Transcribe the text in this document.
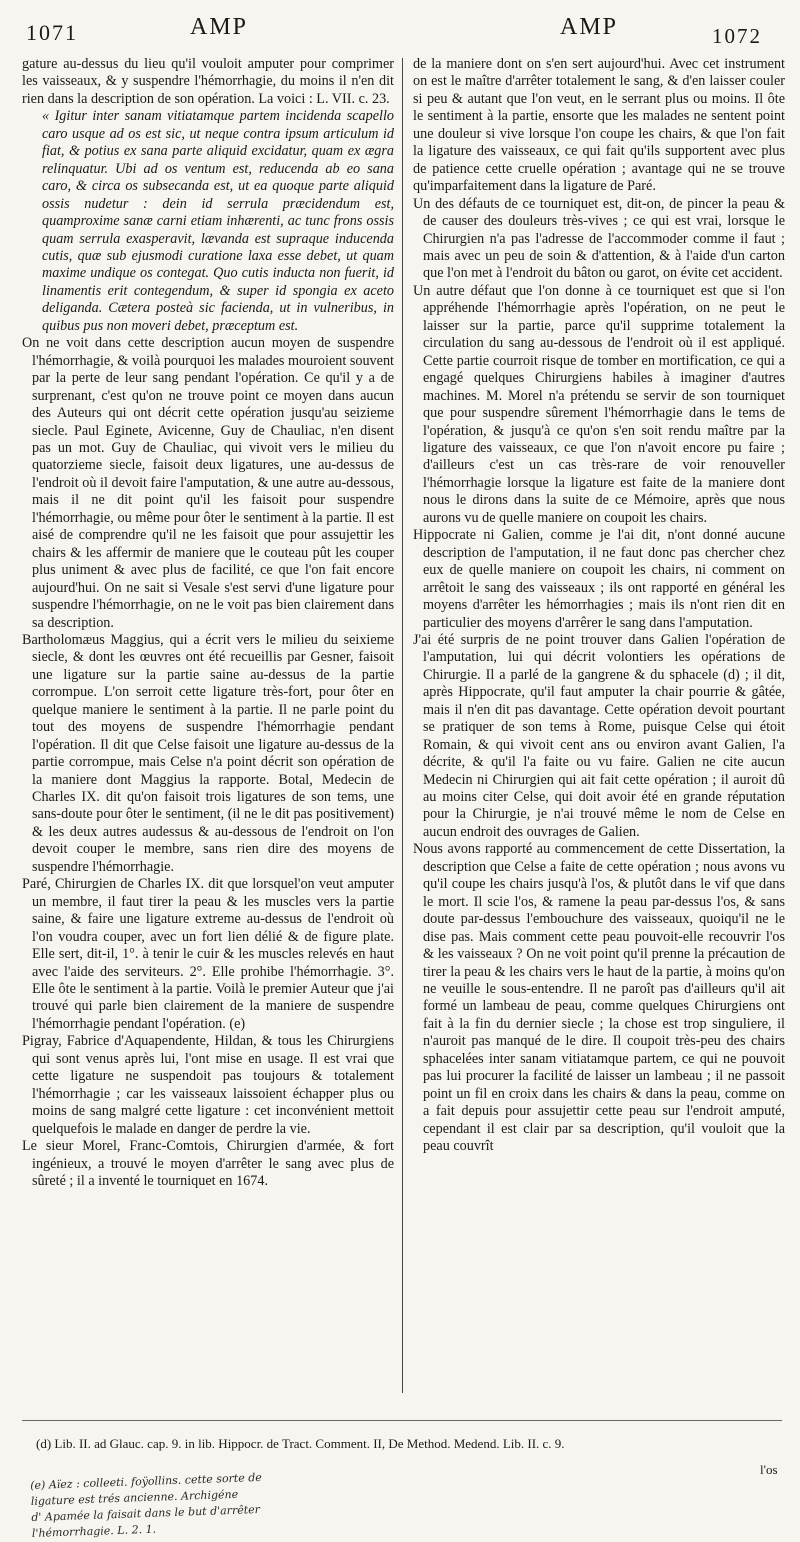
1071	AMP	AMP	1072

gature au-dessus du lieu qu'il vouloit amputer pour comprimer les vaisseaux, & y suspendre l'hémorrhagie, du moins il n'en dit rien dans la description de son opération. La voici : L. VII. c. 23.

« Igitur inter sanam vitiatamque partem incidenda scapello caro usque ad os est sic, ut neque contra ipsum articulum id fiat, & potius ex sana parte aliquid excidatur, quam ex ægra relinquatur. Ubi ad os ventum est, reducenda ab eo sana caro, & circa os subsecanda est, ut ea quoque parte aliquid ossis nudetur : dein id serrula præcidendum est, quamproxime sanæ carni etiam inhærenti, ac tunc frons ossis quam serrula exasperavit, lævanda est supraque inducenda cutis, quæ sub ejusmodi curatione laxa esse debet, ut quam maxime undique os contegat. Quo cutis inducta non fuerit, id linamentis erit contegendum, & super id spongia ex aceto deliganda. Cætera posteà sic facienda, ut in vulneribus, in quibus pus non moveri debet, præceptum est.

On ne voit dans cette description aucun moyen de suspendre l'hémorrhagie, & voilà pourquoi les malades mouroient souvent par la perte de leur sang pendant l'opération. Ce qu'il y a de surprenant, c'est qu'on ne trouve point ce moyen dans aucun des Auteurs qui ont décrit cette opération jusqu'au seizieme siecle. Paul Eginete, Avicenne, Guy de Chauliac, n'en disent pas un mot. Guy de Chauliac, qui vivoit vers le milieu du quatorzieme siecle, faisoit deux ligatures, une au-dessus de l'endroit où il devoit faire l'amputation, & une autre au-dessous, mais il ne dit point qu'il les faisoit pour suspendre l'hémorrhagie, ou même pour ôter le sentiment à la partie. Il est aisé de comprendre qu'il ne les faisoit que pour assujettir les chairs & les affermir de maniere que le couteau pût les couper plus uniment & avec plus de facilité, ce que l'on fait encore aujourd'hui. On ne sait si Vesale s'est servi d'une ligature pour suspendre l'hémorrhagie, on ne le voit pas bien clairement dans sa description.

Bartholomæus Maggius, qui a écrit vers le milieu du seixieme siecle, & dont les œuvres ont été recueillis par Gesner, faisoit une ligature sur la partie saine au-dessus de la partie corrompue. L'on serroit cette ligature très-fort, pour ôter en quelque maniere le sentiment à la partie. Il ne parle point du tout des moyens de suspendre l'hémorrhagie pendant l'opération. Il dit que Celse faisoit une ligature au-dessus de la partie corrompue, mais Celse n'a point décrit son opération de la maniere dont Maggius la rapporte. Botal, Medecin de Charles IX. dit qu'on faisoit trois ligatures de son tems, une sans-doute pour ôter le sentiment, (il ne le dit pas positivement) & les deux autres audessus & au-dessous de l'endroit on l'on devoit couper le membre, sans rien dire des moyens de suspendre l'hémorrhagie.

Paré, Chirurgien de Charles IX. dit que lorsquel'on veut amputer un membre, il faut tirer la peau & les muscles vers la partie saine, & faire une ligature extreme au-dessus de l'endroit où l'on voudra couper, avec un fort lien délié & de figure plate. Elle sert, dit-il, 1°. à tenir le cuir & les muscles relevés en haut avec l'aide des serviteurs. 2°. Elle prohibe l'hémorrhagie. 3°. Elle ôte le sentiment à la partie. Voilà le premier Auteur que j'ai trouvé qui parle bien clairement de la maniere de suspendre l'hémorrhagie pendant l'opération. (e)

Pigray, Fabrice d'Aquapendente, Hildan, & tous les Chirurgiens qui sont venus après lui, l'ont mise en usage. Il est vrai que cette ligature ne suspendoit pas toujours & totalement l'hémorrhagie ; car les vaisseaux laissoient échapper plus ou moins de sang malgré cette ligature : cet inconvénient mettoit quelquefois le malade en danger de perdre la vie.

Le sieur Morel, Franc-Comtois, Chirurgien d'armée, & fort ingénieux, a trouvé le moyen d'arrêter le sang avec plus de sûreté ; il a inventé le tourniquet en 1674.

de la maniere dont on s'en sert aujourd'hui. Avec cet instrument on est le maître d'arrêter totalement le sang, & d'en laisser couler si peu & autant que l'on veut, en le serrant plus ou moins. Il ôte le sentiment à la partie, ensorte que les malades ne sentent point une douleur si vive lorsque l'on coupe les chairs, & que l'on fait la ligature des vaisseaux, ce qui fait qu'ils supportent avec plus de patience cette cruelle opération ; avantage qui ne se trouve qu'imparfaitement dans la ligature de Paré.

Un des défauts de ce tourniquet est, dit-on, de pincer la peau & de causer des douleurs très-vives ; ce qui est vrai, lorsque le Chirurgien n'a pas l'adresse de l'accommoder comme il faut ; mais avec un peu de soin & d'attention, & à l'aide d'un carton que l'on met à l'endroit du bâton ou garot, on évite cet accident.

Un autre défaut que l'on donne à ce tourniquet est que si l'on appréhende l'hémorrhagie après l'opération, on ne peut le laisser sur la partie, parce qu'il supprime totalement la circulation du sang au-dessous de l'endroit où il est appliqué. Cette partie courroit risque de tomber en mortification, ce qui a engagé quelques Chirurgiens habiles à imaginer d'autres machines. M. Morel n'a prétendu se servir de son tourniquet que pour suspendre sûrement l'hémorrhagie dans le tems de l'opération, & jusqu'à ce qu'on s'en soit rendu maître par la ligature des vaisseaux, ce que l'on n'avoit encore pu faire ; d'ailleurs c'est un cas très-rare de voir renouveller l'hémorrhagie lorsque la ligature est faite de la maniere dont nous le dirons dans la suite de ce Mémoire, après que nous aurons vu de quelle maniere on coupoit les chairs.

Hippocrate ni Galien, comme je l'ai dit, n'ont donné aucune description de l'amputation, il ne faut donc pas chercher chez eux de quelle maniere on coupoit les chairs, ni comment on arrêtoit le sang des vaisseaux ; ils ont rapporté en général les moyens d'arrêter les hémorrhagies ; mais ils n'ont rien dit en particulier des moyens d'arrêrer le sang dans l'amputation.

J'ai été surpris de ne point trouver dans Galien l'opération de l'amputation, lui qui décrit volontiers les opérations de Chirurgie. Il a parlé de la gangrene & du sphacele (d) ; il dit, après Hippocrate, qu'il faut amputer la chair pourrie & gâtée, mais il n'en dit pas davantage. Cette opération devoit pourtant se pratiquer de son tems à Rome, puisque Celse qui étoit Romain, & qui vivoit cent ans ou environ avant Galien, l'a décrite, & qu'il l'a faite ou vu faire. Galien ne cite aucun Medecin ni Chirurgien qui ait fait cette opération ; il auroit dû au moins citer Celse, qui doit avoir été en grande réputation pour la Chirurgie, je n'ai trouvé même le nom de Celse en aucun endroit des ouvrages de Galien.

Nous avons rapporté au commencement de cette Dissertation, la description que Celse a faite de cette opération ; nous avons vu qu'il coupe les chairs jusqu'à l'os, & plutôt dans le vif que dans le mort. Il scie l'os, & ramene la peau par-dessus l'os, & sans doute par-dessus l'embouchure des vaisseaux, quoiqu'il ne le dise pas. Mais comment cette peau pouvoit-elle recouvrir l'os & les vaisseaux ? On ne voit point qu'il prenne la précaution de tirer la peau & les chairs vers le haut de la partie, à moins qu'on ne veuille le sous-entendre. Il ne paroît pas d'ailleurs qu'il ait formé un lambeau de peau, comme quelques Chirurgiens ont fait à la fin du dernier siecle ; la chose est trop singuliere, il n'auroit pas manqué de le dire. Il coupoit très-peu des chairs sphacelées inter sanam vitiatamque partem, ce qui ne pouvoit pas lui procurer la facilité de laisser un lambeau ; il ne passoit point un fil en croix dans les chairs & dans la peau, comme on a fait depuis pour assujettir cette peau sur l'endroit amputé, cependant il est clair par sa description, qu'il vouloit que la peau couvrît

(d) Lib. II. ad Glauc. cap. 9. in lib. Hippocr. de Tract. Comment. II, De Method. Medend. Lib. II. c. 9.
l'os
(e) Aïez : colleeti. foÿollins. cette sorte de
ligature est trés ancienne. Archigéne
d' Apamée la faisait dans le but d'arrêter
l'hémorrhagie. L. 2. 1.
